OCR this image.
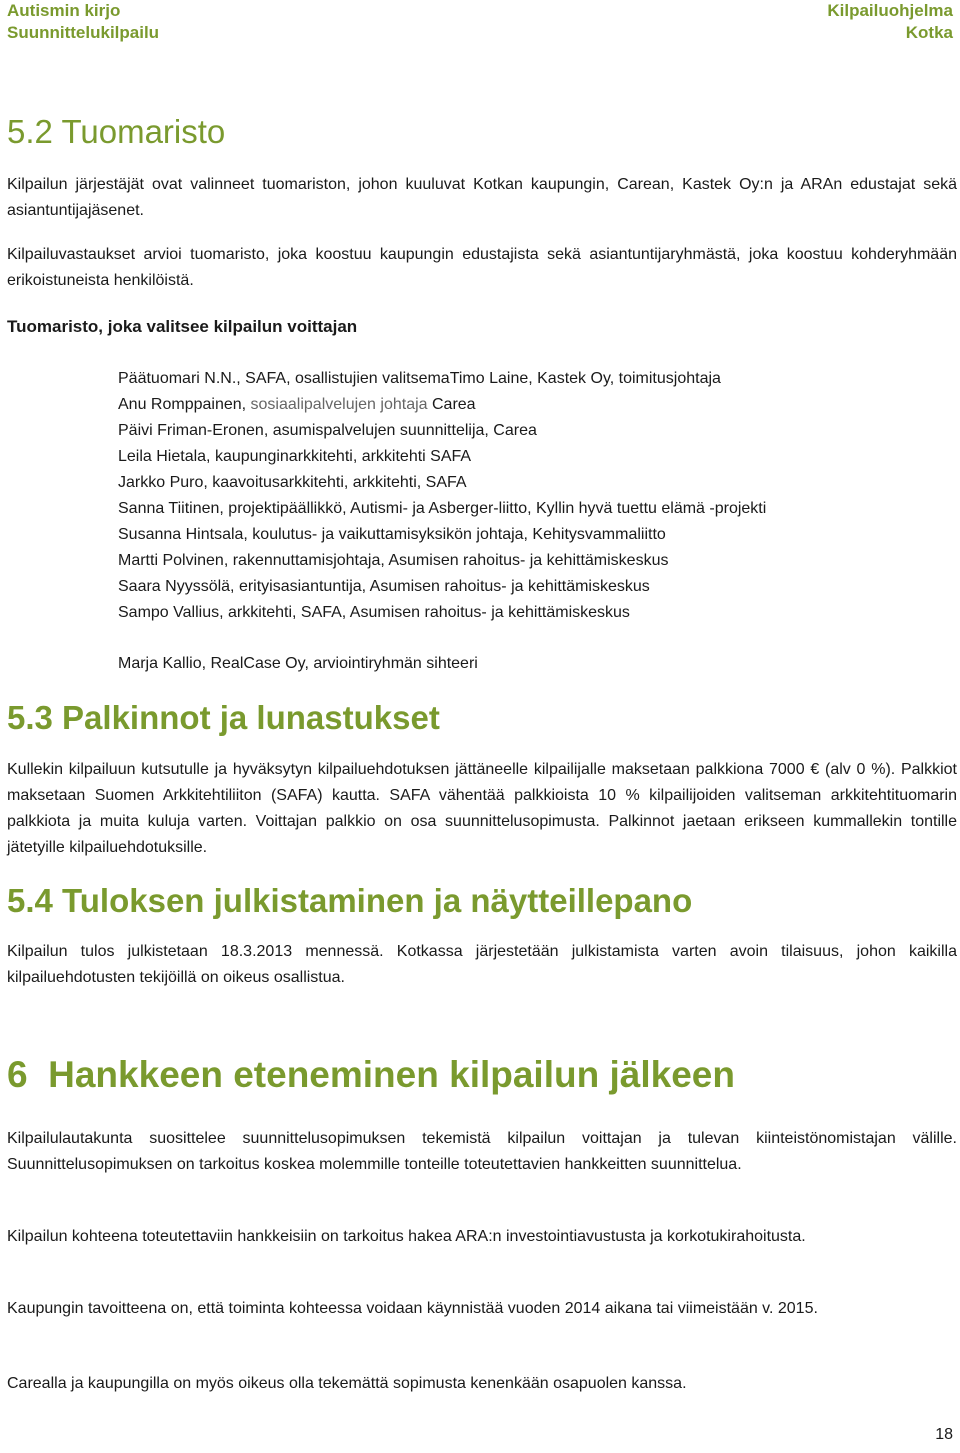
Autismin kirjo
Suunnittelukilpailu
Kilpailuohjelma
Kotka
5.2 Tuomaristo

Kilpailun järjestäjät ovat valinneet tuomariston, johon kuuluvat Kotkan kaupungin, Carean, Kastek Oy:n ja ARAn edustajat sekä asiantuntijajäsenet.

Kilpailuvastaukset arvioi tuomaristo, joka koostuu kaupungin edustajista sekä asiantuntijaryhmästä, joka koostuu kohderyhmään erikoistuneista henkilöistä.

Tuomaristo, joka valitsee kilpailun voittajan
Päätuomari N.N., SAFA, osallistujien valitsemaTimo Laine, Kastek Oy, toimitusjohtaja
Anu Romppainen, sosiaalipalvelujen johtaja Carea
Päivi Friman-Eronen, asumispalvelujen suunnittelija, Carea
Leila Hietala, kaupunginarkkitehti, arkkitehti SAFA
Jarkko Puro, kaavoitusarkkitehti, arkkitehti, SAFA
Sanna Tiitinen, projektipäällikkö, Autismi- ja Asberger-liitto, Kyllin hyvä tuettu elämä -projekti
Susanna Hintsala, koulutus- ja vaikuttamisyksikön johtaja, Kehitysvammaliitto
Martti Polvinen, rakennuttamisjohtaja, Asumisen rahoitus- ja kehittämiskeskus
Saara Nyyssölä, erityisasiantuntija, Asumisen rahoitus- ja kehittämiskeskus
Sampo Vallius, arkkitehti, SAFA, Asumisen rahoitus- ja kehittämiskeskus

Marja Kallio, RealCase Oy, arviointiryhmän sihteeri

5.3 Palkinnot ja lunastukset

Kullekin kilpailuun kutsutulle ja hyväksytyn kilpailuehdotuksen jättäneelle kilpailijalle maksetaan palkkiona 7000 € (alv 0 %). Palkkiot maksetaan Suomen Arkkitehtiliiton (SAFA) kautta. SAFA vähentää palkkioista 10 % kilpailijoiden valitseman arkkitehtituomarin palkkiota ja muita kuluja varten. Voittajan palkkio on osa suunnittelusopimusta. Palkinnot jaetaan erikseen kummallekin tontille jätetyille kilpailuehdotuksille.

5.4 Tuloksen julkistaminen ja näytteillepano

Kilpailun tulos julkistetaan 18.3.2013 mennessä. Kotkassa järjestetään julkistamista varten avoin tilaisuus, johon kaikilla kilpailuehdotusten tekijöillä on oikeus osallistua.

6  Hankkeen eteneminen kilpailun jälkeen

Kilpailulautakunta suosittelee suunnittelusopimuksen tekemistä kilpailun voittajan ja tulevan kiinteistönomistajan välille. Suunnittelusopimuksen on tarkoitus koskea molemmille tonteille toteutettavien hankkeitten suunnittelua.

Kilpailun kohteena toteutettaviin hankkeisiin on tarkoitus hakea ARA:n investointiavustusta ja korkotukirahoitusta.

Kaupungin tavoitteena on, että toiminta kohteessa voidaan käynnistää vuoden 2014 aikana tai viimeistään v. 2015.

Carealla ja kaupungilla on myös oikeus olla tekemättä sopimusta kenenkään osapuolen kanssa.

18
